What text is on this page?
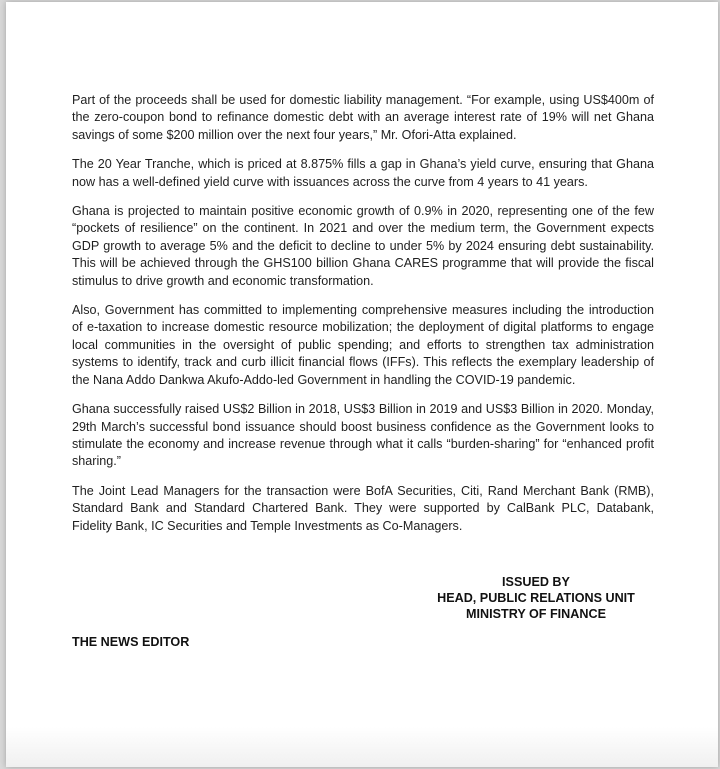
Part of the proceeds shall be used for domestic liability management. “For example, using US$400m of the zero-coupon bond to refinance domestic debt with an average interest rate of 19% will net Ghana savings of some $200 million over the next four years,” Mr. Ofori-Atta explained.

The 20 Year Tranche, which is priced at 8.875% fills a gap in Ghana’s yield curve, ensuring that Ghana now has a well-defined yield curve with issuances across the curve from 4 years to 41 years.

Ghana is projected to maintain positive economic growth of 0.9% in 2020, representing one of the few “pockets of resilience” on the continent. In 2021 and over the medium term, the Government expects GDP growth to average 5% and the deficit to decline to under 5% by 2024 ensuring debt sustainability. This will be achieved through the GHS100 billion Ghana CARES programme that will provide the fiscal stimulus to drive growth and economic transformation.

Also, Government has committed to implementing comprehensive measures including the introduction of e-taxation to increase domestic resource mobilization; the deployment of digital platforms to engage local communities in the oversight of public spending; and efforts to strengthen tax administration systems to identify, track and curb illicit financial flows (IFFs). This reflects the exemplary leadership of the Nana Addo Dankwa Akufo-Addo-led Government in handling the COVID-19 pandemic.

Ghana successfully raised US$2 Billion in 2018, US$3 Billion in 2019 and US$3 Billion in 2020. Monday, 29th March’s successful bond issuance should boost business confidence as the Government looks to stimulate the economy and increase revenue through what it calls “burden-sharing” for “enhanced profit sharing.”

The Joint Lead Managers for the transaction were BofA Securities, Citi, Rand Merchant Bank (RMB), Standard Bank and Standard Chartered Bank. They were supported by CalBank PLC, Databank, Fidelity Bank, IC Securities and Temple Investments as Co-Managers.

ISSUED BY
HEAD, PUBLIC RELATIONS UNIT
MINISTRY OF FINANCE
THE NEWS EDITOR
